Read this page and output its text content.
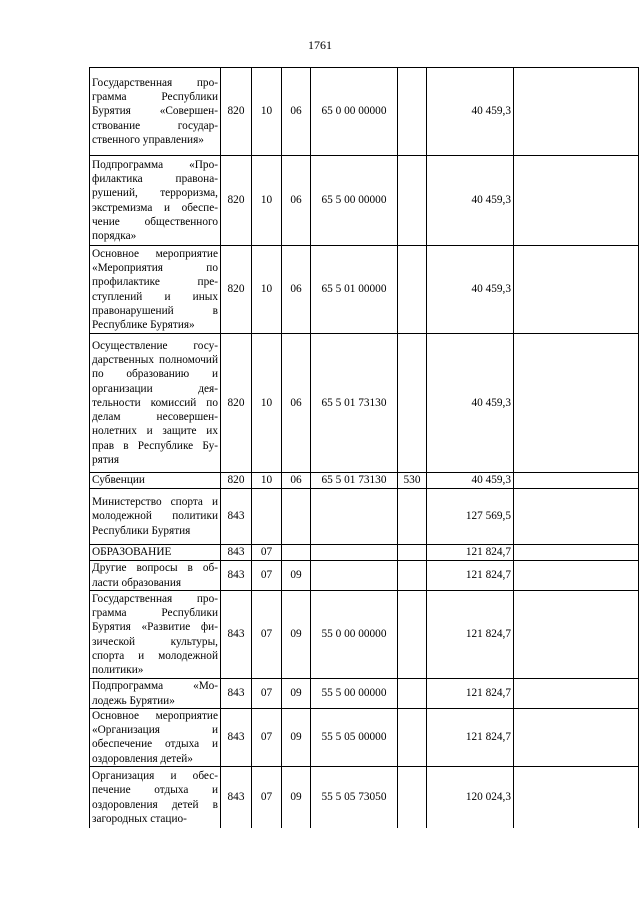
1761
Государственная программа Республики Бурятия «Совершенствование государственного управления»	820	10	06	65 0 00 00000		40 459,3	
Подпрограмма «Профилактика правонарушений, терроризма, экстремизма и обеспечение общественного порядка»	820	10	06	65 5 00 00000		40 459,3	
Основное мероприятие «Мероприятия по профилактике преступлений и иных правонарушений в Республике Бурятия»	820	10	06	65 5 01 00000		40 459,3	
Осуществление государственных полномочий по образованию и организации деятельности комиссий по делам несовершеннолетних и защите их прав в Республике Бурятия	820	10	06	65 5 01 73130		40 459,3	
Субвенции	820	10	06	65 5 01 73130	530	40 459,3	
Министерство спорта и молодежной политики Республики Бурятия	843					127 569,5	
ОБРАЗОВАНИЕ	843	07				121 824,7	
Другие вопросы в области образования	843	07	09			121 824,7	
Государственная программа Республики Бурятия «Развитие физической культуры, спорта и молодежной политики»	843	07	09	55 0 00 00000		121 824,7	
Подпрограмма «Молодежь Бурятии»	843	07	09	55 5 00 00000		121 824,7	
Основное мероприятие «Организация и обеспечение отдыха и оздоровления детей»	843	07	09	55 5 05 00000		121 824,7	
Организация и обеспечение отдыха и оздоровления детей в загородных стацио-	843	07	09	55 5 05 73050		120 024,3	
